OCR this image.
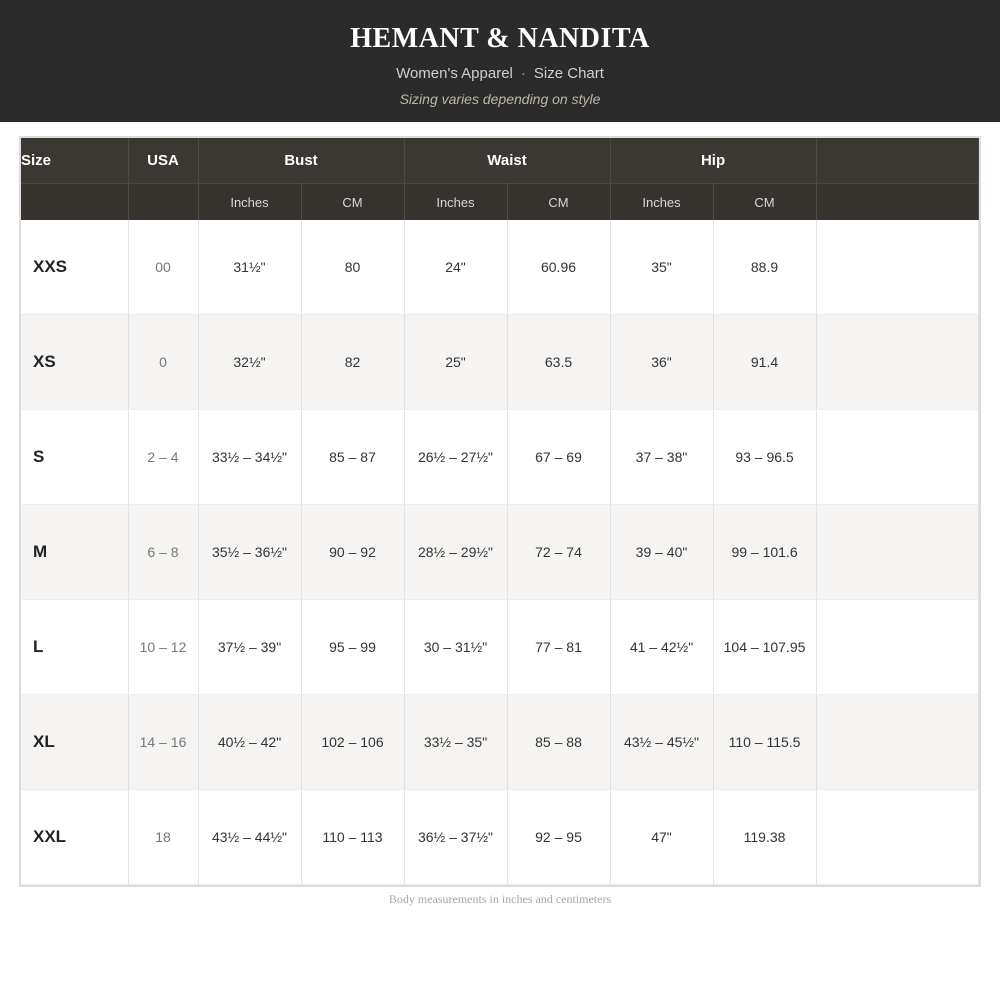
HEMANT & NANDITA
Women's Apparel · Size Chart
Sizing varies depending on style
Size	USA	Bust		Waist		Hip		
		Inches	CM	Inches	CM	Inches	CM	
XXS	00	31½"	80	24"	60.96	35"	88.9	
XS	0	32½"	82	25"	63.5	36"	91.4	
S	2 – 4	33½ – 34½"	85 – 87	26½ – 27½"	67 – 69	37 – 38"	93 – 96.5	
M	6 – 8	35½ – 36½"	90 – 92	28½ – 29½"	72 – 74	39 – 40"	99 – 101.6	
L	10 – 12	37½ – 39"	95 – 99	30 – 31½"	77 – 81	41 – 42½"	104 – 107.95	
XL	14 – 16	40½ – 42"	102 – 106	33½ – 35"	85 – 88	43½ – 45½"	110 – 115.5	
XXL	18	43½ – 44½"	110 – 113	36½ – 37½"	92 – 95	47"	119.38	
Body measurements in inches and centimeters
